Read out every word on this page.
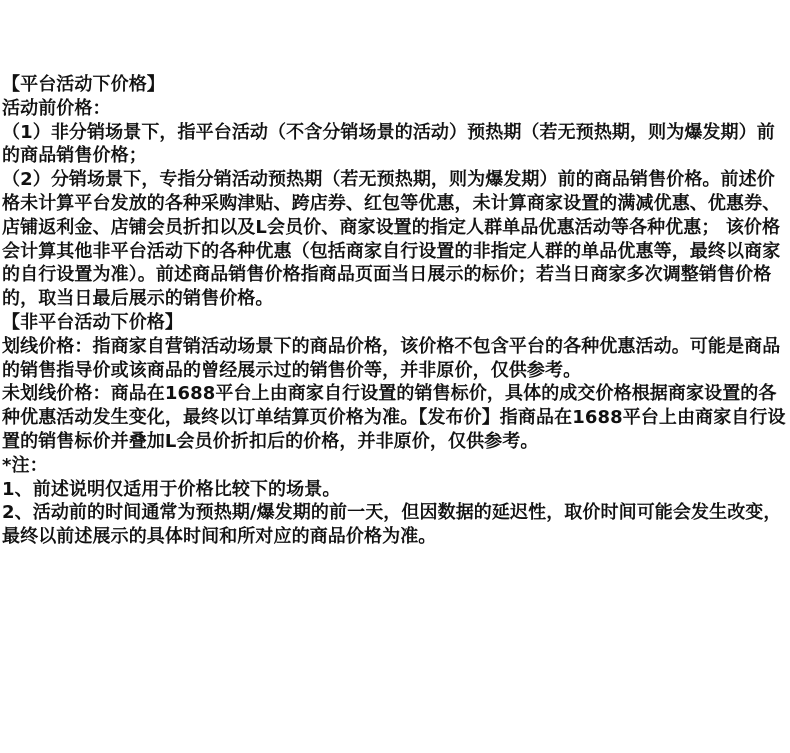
【平台活动下价格】

活动前价格：

（1）非分销场景下，指平台活动（不含分销场景的活动）预热期（若无预热期，则为爆发期）前的商品销售价格；

（2）分销场景下，专指分销活动预热期（若无预热期，则为爆发期）前的商品销售价格。前述价格未计算平台发放的各种采购津贴、跨店券、红包等优惠，未计算商家设置的满减优惠、优惠券、店铺返利金、店铺会员折扣以及L会员价、商家设置的指定人群单品优惠活动等各种优惠； 该价格会计算其他非平台活动下的各种优惠（包括商家自行设置的非指定人群的单品优惠等，最终以商家的自行设置为准）。前述商品销售价格指商品页面当日展示的标价；若当日商家多次调整销售价格的，取当日最后展示的销售价格。

【非平台活动下价格】

划线价格：指商家自营销活动场景下的商品价格，该价格不包含平台的各种优惠活动。可能是商品的销售指导价或该商品的曾经展示过的销售价等，并非原价，仅供参考。

未划线价格：商品在1688平台上由商家自行设置的销售标价，具体的成交价格根据商家设置的各种优惠活动发生变化，最终以订单结算页价格为准。【发布价】指商品在1688平台上由商家自行设置的销售标价并叠加L会员价折扣后的价格，并非原价，仅供参考。

*注：

1、前述说明仅适用于价格比较下的场景。

2、活动前的时间通常为预热期/爆发期的前一天，但因数据的延迟性，取价时间可能会发生改变，最终以前述展示的具体时间和所对应的商品价格为准。
